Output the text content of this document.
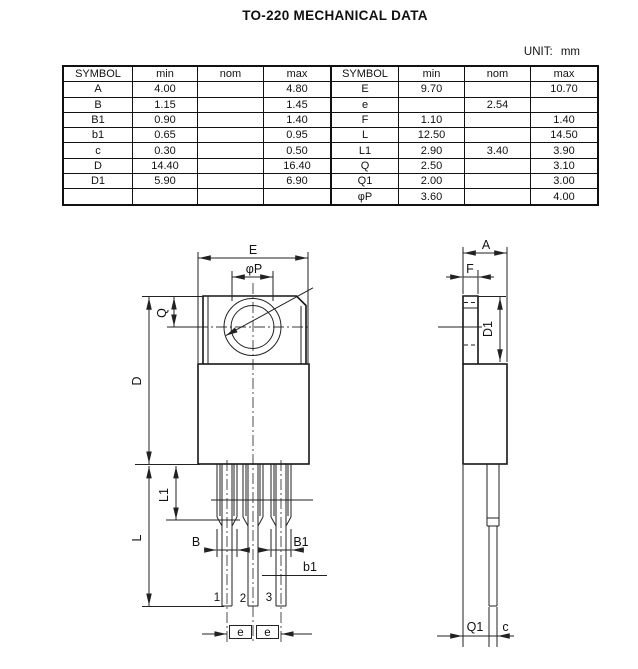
TO-220 MECHANICAL DATA
UNIT: mm
SYMBOL	min	nom	max	SYMBOL	min	nom	max
A	4.00		4.80	E	9.70		10.70
B	1.15		1.45	e		2.54	
B1	0.90		1.40	F	1.10		1.40
b1	0.65		0.95	L	12.50		14.50
c	0.30		0.50	L1	2.90	3.40	3.90
D	14.40		16.40	Q	2.50		3.10
D1	5.90		6.90	Q1	2.00		3.00
				φP	3.60		4.00
E
φP
Q
D
L
L1
B	B1
b1
1 2 3
e e
A
F
D1
Q1 c
